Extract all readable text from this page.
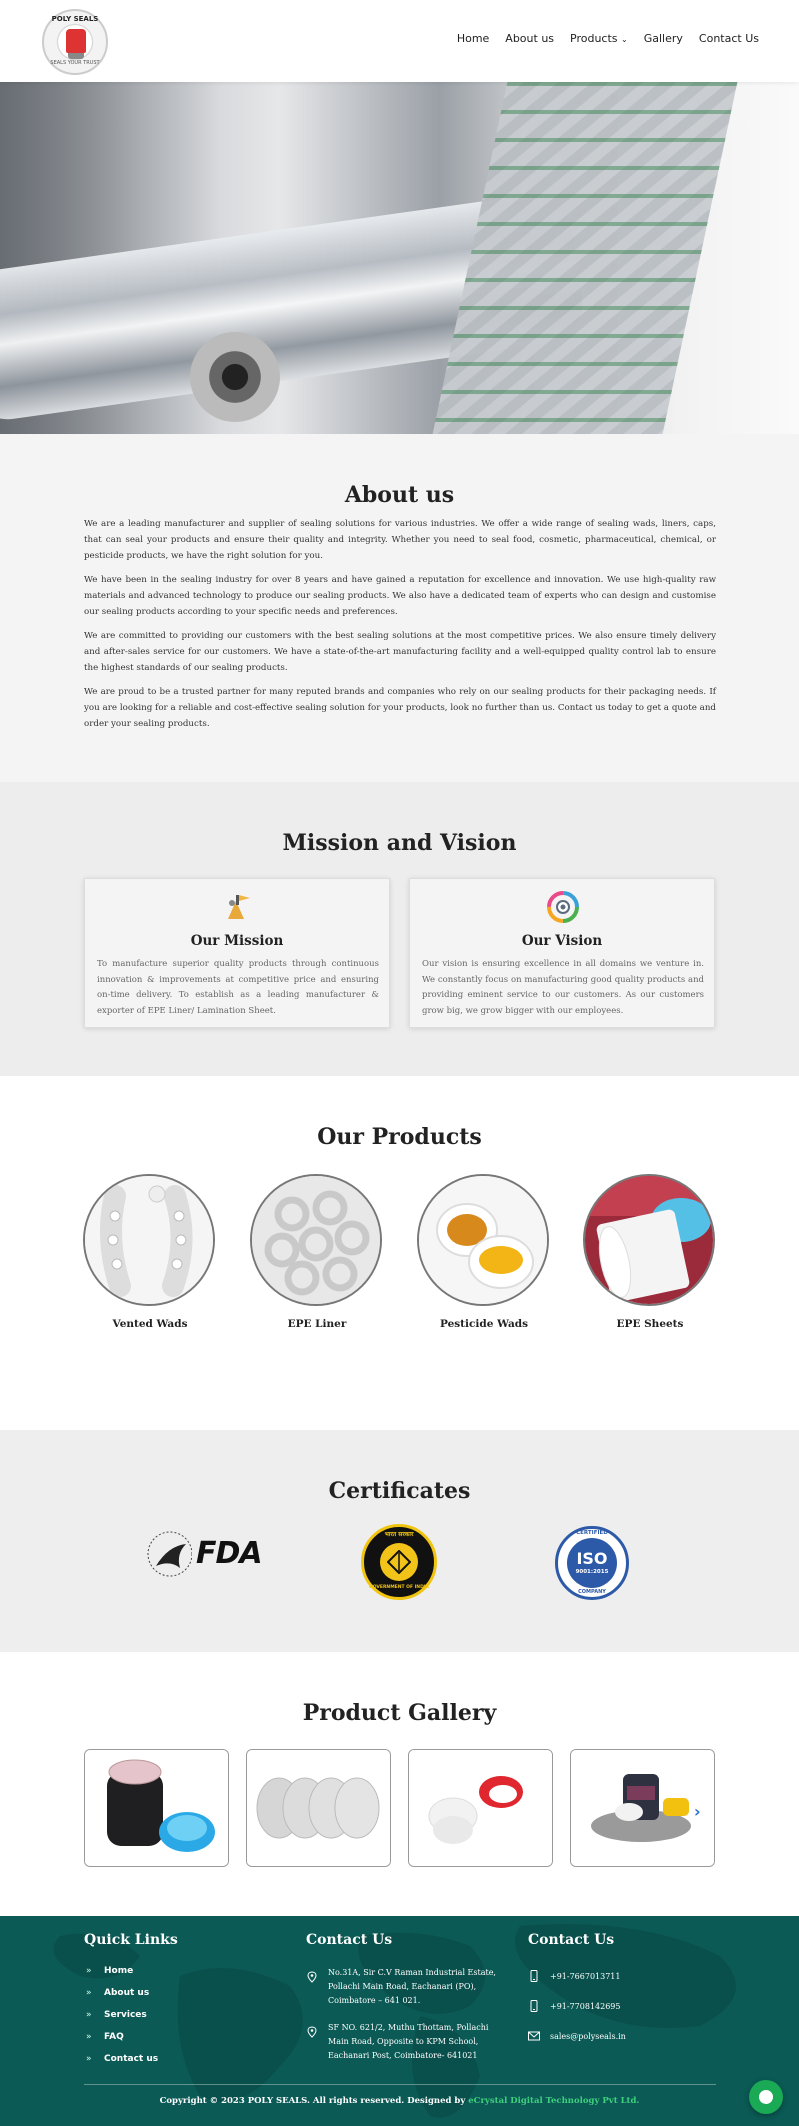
POLY SEALS
SEALS YOUR TRUST
Home About us Products ⌄ Gallery Contact Us
About us

We are a leading manufacturer and supplier of sealing solutions for various industries. We offer a wide range of sealing wads, liners, caps, that can seal your products and ensure their quality and integrity. Whether you need to seal food, cosmetic, pharmaceutical, chemical, or pesticide products, we have the right solution for you.

We have been in the sealing industry for over 8 years and have gained a reputation for excellence and innovation. We use high-quality raw materials and advanced technology to produce our sealing products. We also have a dedicated team of experts who can design and customise our sealing products according to your specific needs and preferences.

We are committed to providing our customers with the best sealing solutions at the most competitive prices. We also ensure timely delivery and after-sales service for our customers. We have a state-of-the-art manufacturing facility and a well-equipped quality control lab to ensure the highest standards of our sealing products.

We are proud to be a trusted partner for many reputed brands and companies who rely on our sealing products for their packaging needs. If you are looking for a reliable and cost-effective sealing solution for your products, look no further than us. Contact us today to get a quote and order your sealing products.

Mission and Vision
Our Mission

To manufacture superior quality products through continuous innovation & improvements at competitive price and ensuring on-time delivery. To establish as a leading manufacturer & exporter of EPE Liner/ Lamination Sheet.

Our Vision

Our vision is ensuring excellence in all domains we venture in. We constantly focus on manufacturing good quality products and providing eminent service to our customers. As our customers grow big, we grow bigger with our employees.

Our Products
Vented Wads	EPE Liner	Pesticide Wads	EPE Sheets
Certificates
FDA
भारत सरकार
GOVERNMENT OF INDIA
CERTIFIED
ISO
9001:2015
COMPANY
Product Gallery
›
Quick Links
» Home
» About us
» Services
» FAQ
» Contact us
Contact Us
No.31A, Sir C.V Raman Industrial Estate, Pollachi Main Road, Eachanari (PO), Coimbatore – 641 021.
SF NO. 621/2, Muthu Thottam, Pollachi Main Road, Opposite to KPM School, Eachanari Post, Coimbatore- 641021
Contact Us
+91-7667013711
+91-7708142695
sales@polyseals.in
Copyright © 2023 POLY SEALS. All rights reserved. Designed by eCrystal Digital Technology Pvt Ltd.
